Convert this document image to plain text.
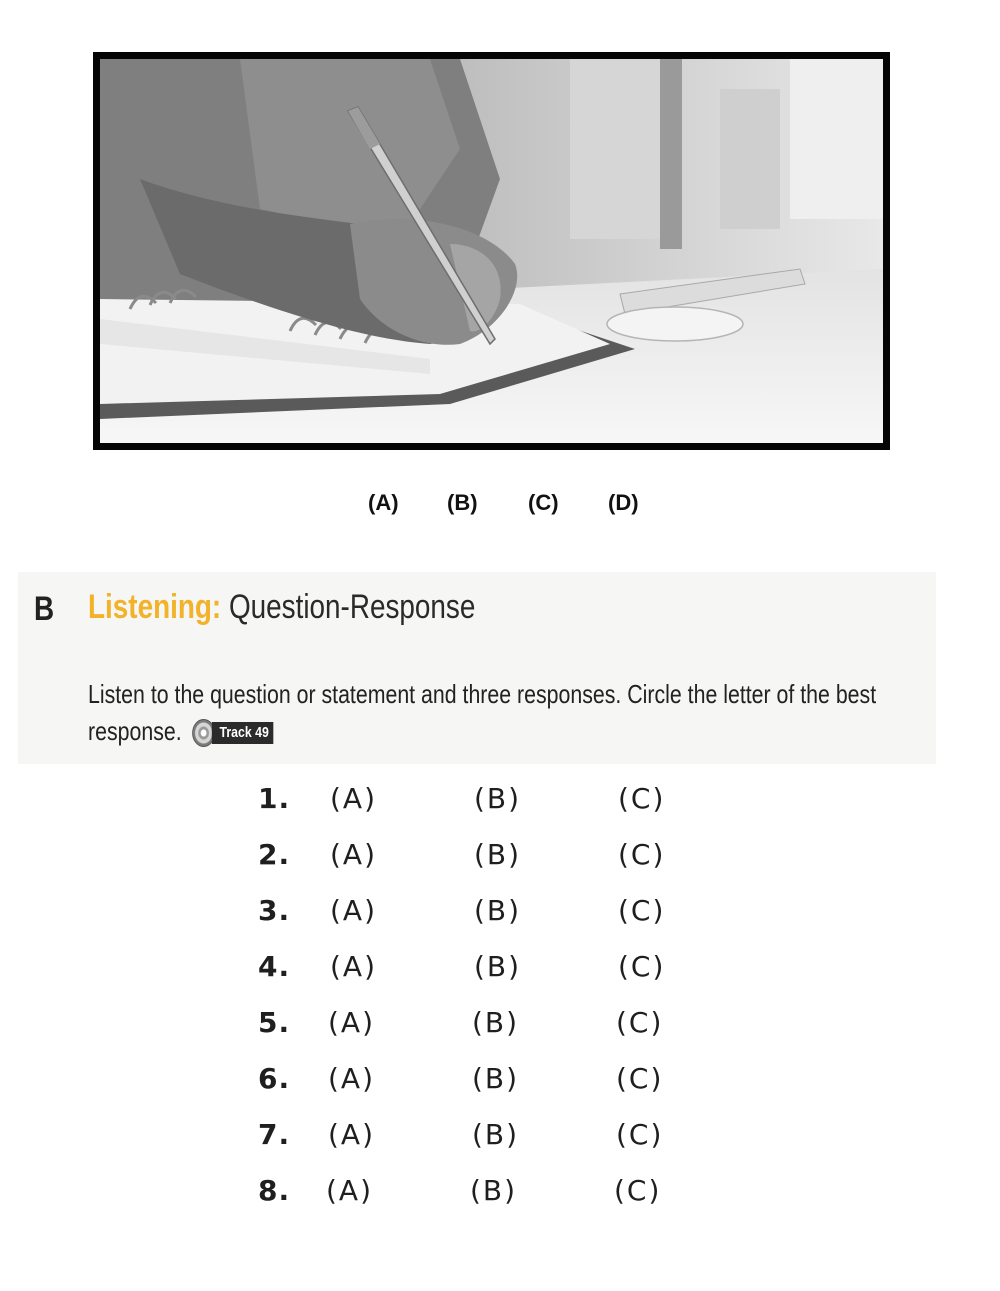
(A) (B) (C) (D)
B Listening: Question-Response
Listen to the question or statement and three responses. Circle the letter of the best response.	Track 49
1. (A)	(B)	(C)
2. (A)	(B)	(C)
3. (A)	(B)	(C)
4. (A)	(B)	(C)
5. (A)	(B)	(C)
6. (A)	(B)	(C)
7. (A)	(B)	(C)
8. (A)	(B)	(C)
